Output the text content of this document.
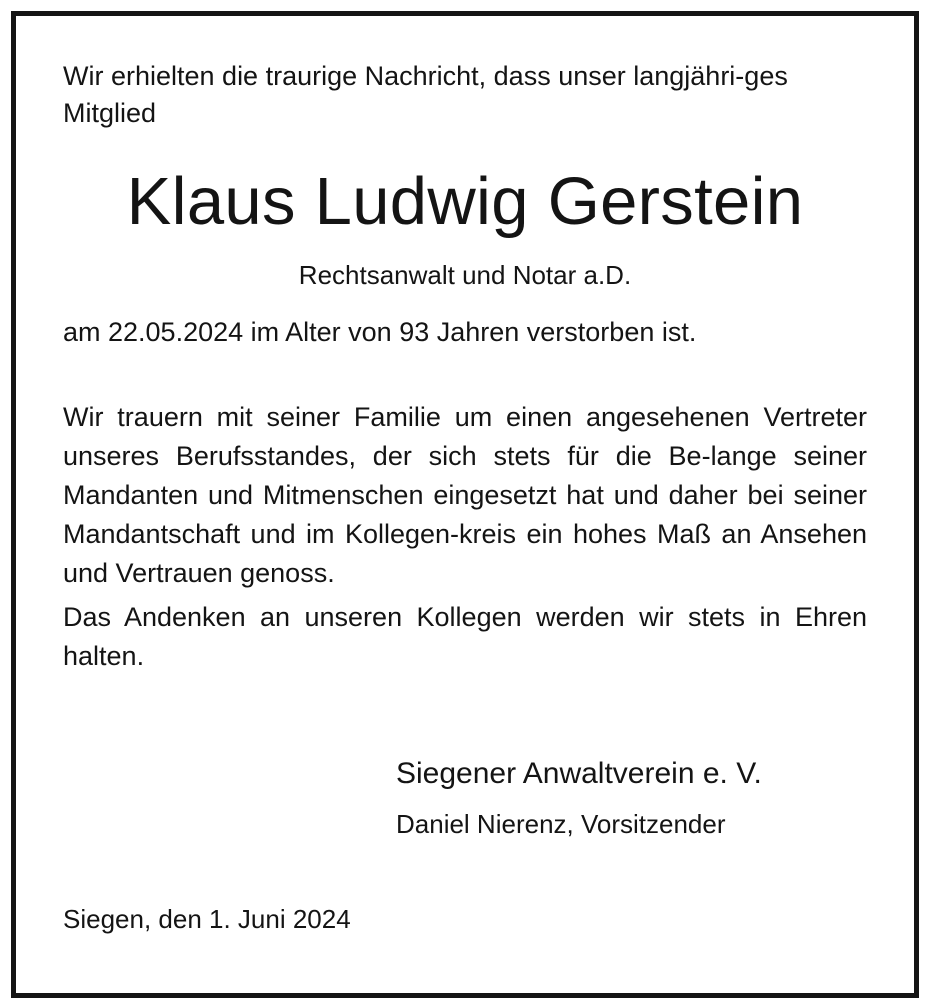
Wir erhielten die traurige Nachricht, dass unser langjähri-ges Mitglied
Klaus Ludwig Gerstein
Rechtsanwalt und Notar a.D.
am 22.05.2024 im Alter von 93 Jahren verstorben ist.

Wir trauern mit seiner Familie um einen angesehenen Vertreter unseres Berufsstandes, der sich stets für die Be-lange seiner Mandanten und Mitmenschen eingesetzt hat und daher bei seiner Mandantschaft und im Kollegen-kreis ein hohes Maß an Ansehen und Vertrauen genoss.

Das Andenken an unseren Kollegen werden wir stets in Ehren halten.

Siegener Anwaltverein e. V.
Daniel Nierenz, Vorsitzender
Siegen, den 1. Juni 2024
